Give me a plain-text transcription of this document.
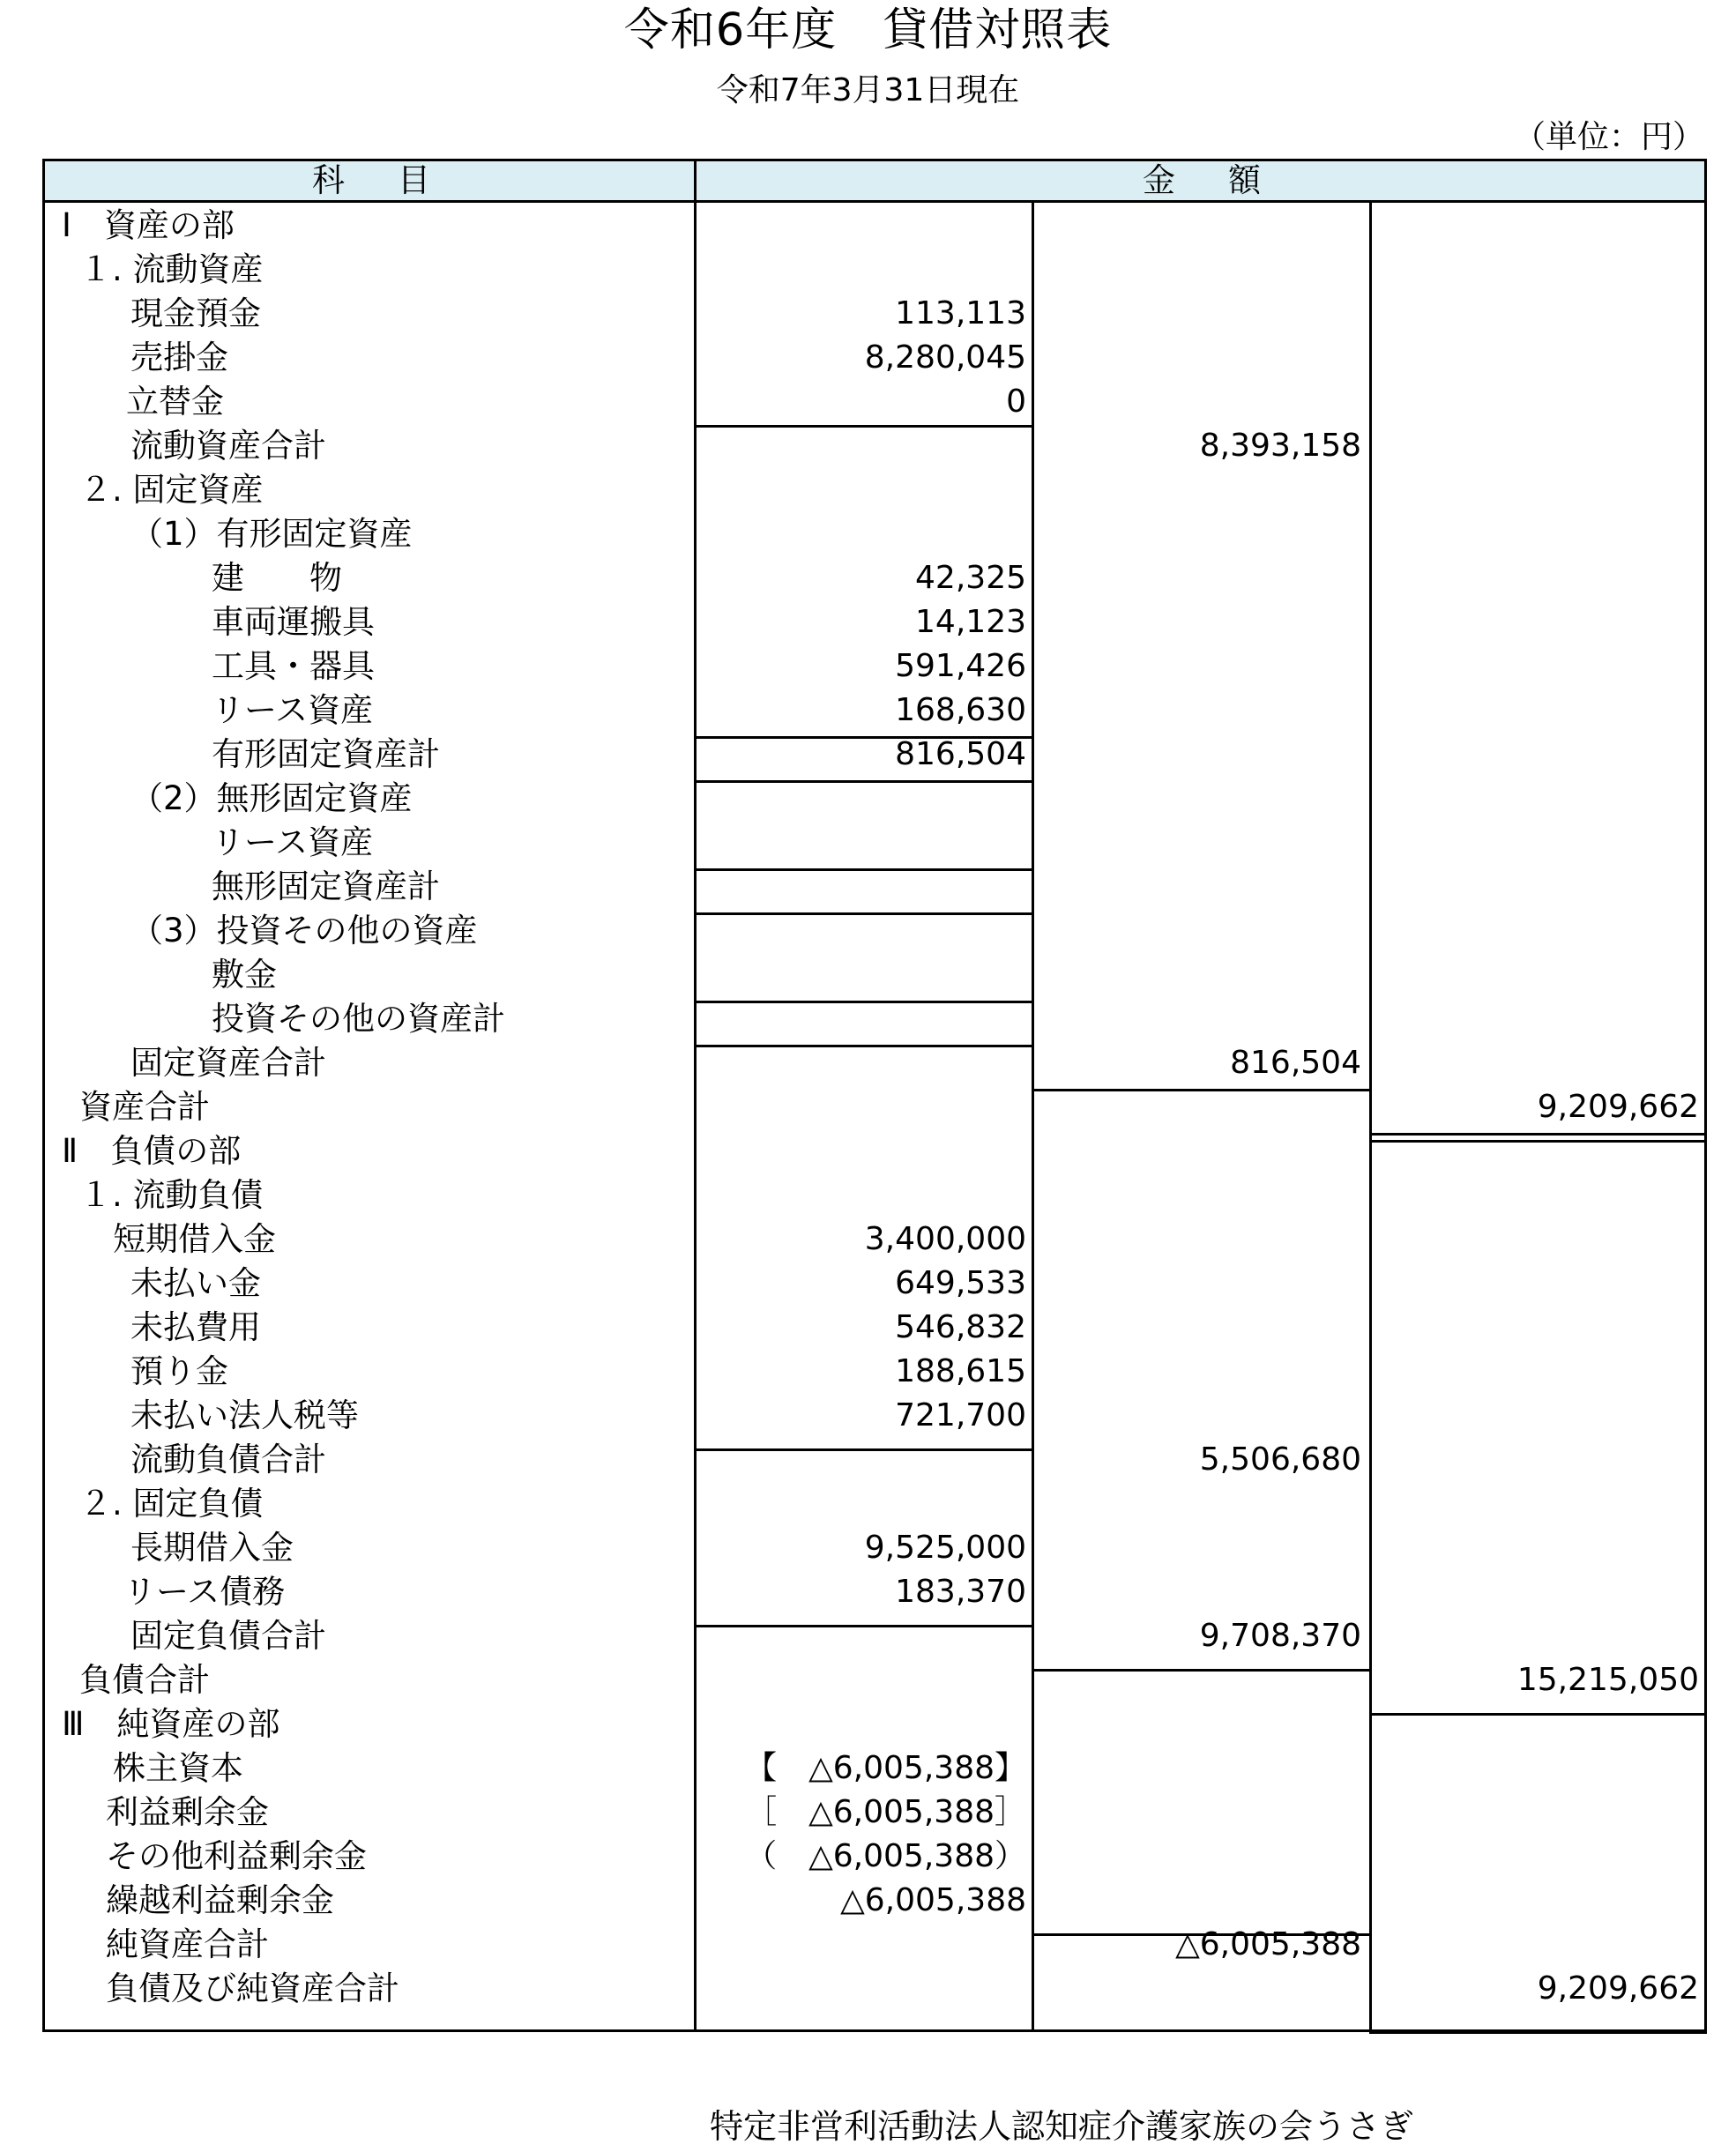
令和6年度　貸借対照表
令和7年3月31日現在
（単位：円）
科目	金額
Ⅰ　資産の部
１. 流動資産
現金預金
売掛金
立替金
流動資産合計
２. 固定資産
（1）有形固定資産
建　　物
車両運搬具
工具・器具
リース資産
有形固定資産計
（2）無形固定資産
リース資産
無形固定資産計
（3）投資その他の資産
敷金
投資その他の資産計
固定資産合計
資産合計
Ⅱ　負債の部
１. 流動負債
短期借入金
未払い金
未払費用
預り金
未払い法人税等
流動負債合計
２. 固定負債
長期借入金
リース債務
固定負債合計
負債合計
Ⅲ　純資産の部
株主資本
利益剰余金
その他利益剰余金
繰越利益剰余金
純資産合計
負債及び純資産合計
113,113
8,280,045
0
42,325
14,123
591,426
168,630
816,504
3,400,000
649,533
546,832
188,615
721,700
9,525,000
183,370
【　△6,005,388】
［　△6,005,388］
（　△6,005,388）
△6,005,388
8,393,158
816,504
5,506,680
9,708,370
△6,005,388
9,209,662
15,215,050
9,209,662
特定非営利活動法人認知症介護家族の会うさぎ
